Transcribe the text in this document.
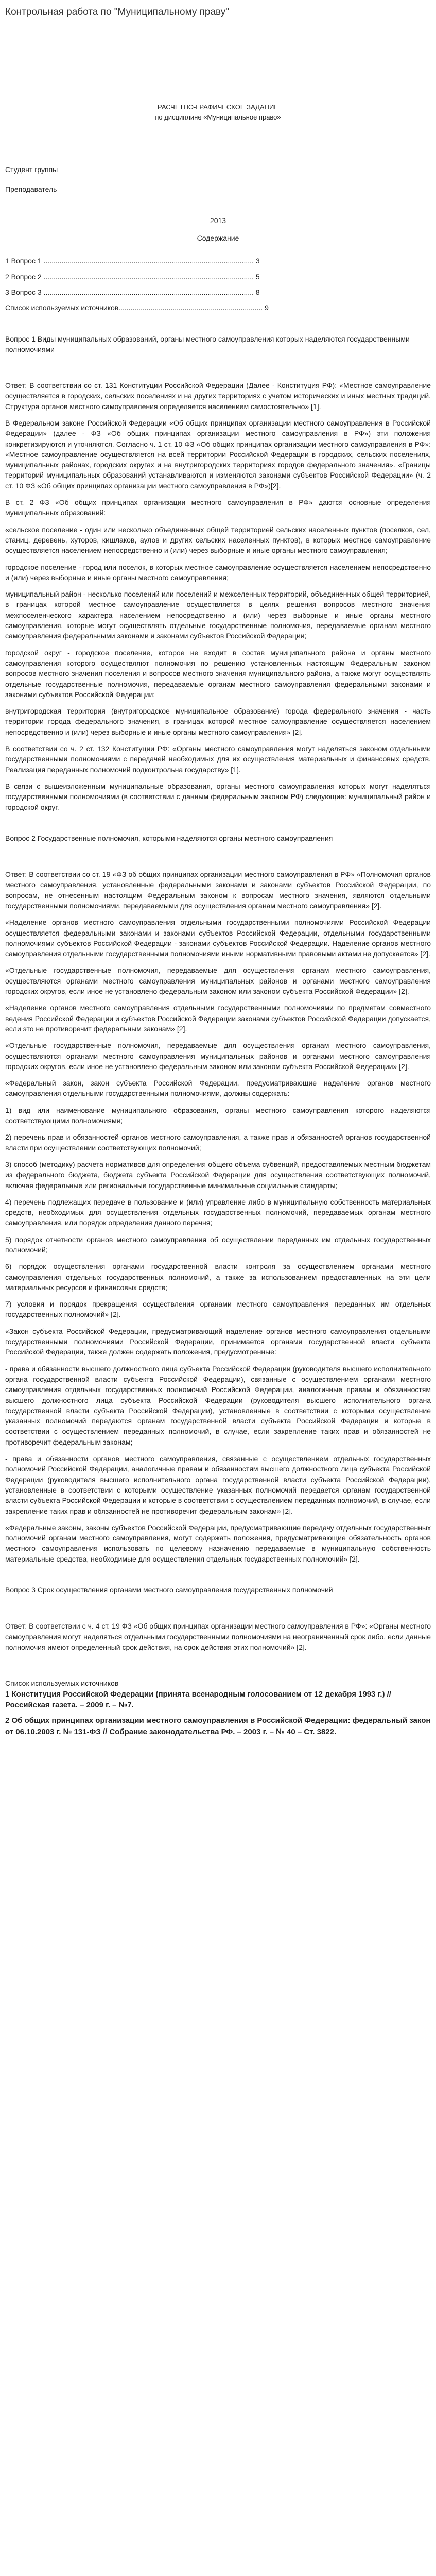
Контрольная работа по "Муниципальному праву"
РАСЧЕТНО-ГРАФИЧЕСКОЕ ЗАДАНИЕ
по дисциплине «Муниципальное право»
Студент группы
Преподаватель
2013
Содержание
1 Вопрос 1 ......................................................................................................... 3
2 Вопрос 2 ......................................................................................................... 5
3 Вопрос 3 ......................................................................................................... 8
Список используемых источников........................................................................ 9
Вопрос 1 Виды муниципальных образований, органы местного самоуправления которых наделяются государственными полномочиями

Ответ: В соответствии со ст. 131 Конституции Российской Федерации (Далее - Конституция РФ): «Местное самоуправление осуществляется в городских, сельских поселениях и на других территориях с учетом исторических и иных местных традиций. Структура органов местного самоуправления определяется населением самостоятельно» [1].

В Федеральном законе Российской Федерации «Об общих принципах организации местного самоуправления в Российской Федерации» (далее - ФЗ «Об общих принципах организации местного самоуправления в РФ») эти положения конкретизируются и уточняются. Согласно ч. 1 ст. 10 ФЗ «Об общих принципах организации местного самоуправления в РФ»: «Местное самоуправление осуществляется на всей территории Российской Федерации в городских, сельских поселениях, муниципальных районах, городских округах и на внутригородских территориях городов федерального значения». «Границы территорий муниципальных образований устанавливаются и изменяются законами субъектов Российской Федерации» (ч. 2 ст. 10 ФЗ «Об общих принципах организации местного самоуправления в РФ»)[2].

В ст. 2 ФЗ «Об общих принципах организации местного самоуправления в РФ» даются основные определения муниципальных образований:

«сельское поселение - один или несколько объединенных общей территорией сельских населенных пунктов (поселков, сел, станиц, деревень, хуторов, кишлаков, аулов и других сельских населенных пунктов), в которых местное самоуправление осуществляется населением непосредственно и (или) через выборные и иные органы местного самоуправления;

городское поселение - город или поселок, в которых местное самоуправление осуществляется населением непосредственно и (или) через выборные и иные органы местного самоуправления;

муниципальный район - несколько поселений или поселений и межселенных территорий, объединенных общей территорией, в границах которой местное самоуправление осуществляется в целях решения вопросов местного значения межпоселенческого характера населением непосредственно и (или) через выборные и иные органы местного самоуправления, которые могут осуществлять отдельные государственные полномочия, передаваемые органам местного самоуправления федеральными законами и законами субъектов Российской Федерации;

городской округ - городское поселение, которое не входит в состав муниципального района и органы местного самоуправления которого осуществляют полномочия по решению установленных настоящим Федеральным законом вопросов местного значения поселения и вопросов местного значения муниципального района, а также могут осуществлять отдельные государственные полномочия, передаваемые органам местного самоуправления федеральными законами и законами субъектов Российской Федерации;

внутригородская территория (внутригородское муниципальное образование) города федерального значения - часть территории города федерального значения, в границах которой местное самоуправление осуществляется населением непосредственно и (или) через выборные и иные органы местного самоуправления» [2].

В соответствии со ч. 2 ст. 132 Конституции РФ: «Органы местного самоуправления могут наделяться законом отдельными государственными полномочиями с передачей необходимых для их осуществления материальных и финансовых средств. Реализация переданных полномочий подконтрольна государству» [1].

В связи с вышеизложенным муниципальные образования, органы местного самоуправления которых могут наделяться государственными полномочиями (в соответствии с данным федеральным законом РФ) следующие: муниципальный район и городской округ.

Вопрос 2 Государственные полномочия, которыми наделяются органы местного самоуправления

Ответ: В соответствии со ст. 19 «ФЗ об общих принципах организации местного самоуправления в РФ» «Полномочия органов местного самоуправления, установленные федеральными законами и законами субъектов Российской Федерации, по вопросам, не отнесенным настоящим Федеральным законом к вопросам местного значения, являются отдельными государственными полномочиями, передаваемыми для осуществления органам местного самоуправления» [2].

«Наделение органов местного самоуправления отдельными государственными полномочиями Российской Федерации осуществляется федеральными законами и законами субъектов Российской Федерации, отдельными государственными полномочиями субъектов Российской Федерации - законами субъектов Российской Федерации. Наделение органов местного самоуправления отдельными государственными полномочиями иными нормативными правовыми актами не допускается» [2].

«Отдельные государственные полномочия, передаваемые для осуществления органам местного самоуправления, осуществляются органами местного самоуправления муниципальных районов и органами местного самоуправления городских округов, если иное не установлено федеральным законом или законом субъекта Российской Федерации» [2].

«Наделение органов местного самоуправления отдельными государственными полномочиями по предметам совместного ведения Российской Федерации и субъектов Российской Федерации законами субъектов Российской Федерации допускается, если это не противоречит федеральным законам» [2].

«Отдельные государственные полномочия, передаваемые для осуществления органам местного самоуправления, осуществляются органами местного самоуправления муниципальных районов и органами местного самоуправления городских округов, если иное не установлено федеральным законом или законом субъекта Российской Федерации» [2].

«Федеральный закон, закон субъекта Российской Федерации, предусматривающие наделение органов местного самоуправления отдельными государственными полномочиями, должны содержать:

1) вид или наименование муниципального образования, органы местного самоуправления которого наделяются соответствующими полномочиями;

2) перечень прав и обязанностей органов местного самоуправления, а также прав и обязанностей органов государственной власти при осуществлении соответствующих полномочий;

3) способ (методику) расчета нормативов для определения общего объема субвенций, предоставляемых местным бюджетам из федерального бюджета, бюджета субъекта Российской Федерации для осуществления соответствующих полномочий, включая федеральные или региональные государственные минимальные социальные стандарты;

4) перечень подлежащих передаче в пользование и (или) управление либо в муниципальную собственность материальных средств, необходимых для осуществления отдельных государственных полномочий, передаваемых органам местного самоуправления, или порядок определения данного перечня;

5) порядок отчетности органов местного самоуправления об осуществлении переданных им отдельных государственных полномочий;

6) порядок осуществления органами государственной власти контроля за осуществлением органами местного самоуправления отдельных государственных полномочий, а также за использованием предоставленных на эти цели материальных ресурсов и финансовых средств;

7) условия и порядок прекращения осуществления органами местного самоуправления переданных им отдельных государственных полномочий» [2].

«Закон субъекта Российской Федерации, предусматривающий наделение органов местного самоуправления отдельными государственными полномочиями Российской Федерации, принимается органами государственной власти субъекта Российской Федерации, также должен содержать положения, предусмотренные:

- права и обязанности высшего должностного лица субъекта Российской Федерации (руководителя высшего исполнительного органа государственной власти субъекта Российской Федерации), связанные с осуществлением органами местного самоуправления отдельных государственных полномочий Российской Федерации, аналогичные правам и обязанностям высшего должностного лица субъекта Российской Федерации (руководителя высшего исполнительного органа государственной власти субъекта Российской Федерации), установленные в соответствии с которыми осуществление указанных полномочий передаются органам государственной власти субъекта Российской Федерации и которые в соответствии с осуществлением переданных полномочий, в случае, если закрепление таких прав и обязанностей не противоречит федеральным законам;

- права и обязанности органов местного самоуправления, связанные с осуществлением отдельных государственных полномочий Российской Федерации, аналогичные правам и обязанностям высшего должностного лица субъекта Российской Федерации (руководителя высшего исполнительного органа государственной власти субъекта Российской Федерации), установленные в соответствии с которыми осуществление указанных полномочий передается органам государственной власти субъекта Российской Федерации и которые в соответствии с осуществлением переданных полномочий, в случае, если закрепление таких прав и обязанностей не противоречит федеральным законам» [2].

«Федеральные законы, законы субъектов Российской Федерации, предусматривающие передачу отдельных государственных полномочий органам местного самоуправления, могут содержать положения, предусматривающие обязательность органов местного самоуправления использовать по целевому назначению передаваемые в муниципальную собственность материальные средства, необходимые для осуществления отдельных государственных полномочий» [2].

Вопрос 3 Срок осуществления органами местного самоуправления государственных полномочий

Ответ: В соответствии с ч. 4 ст. 19 ФЗ «Об общих принципах организации местного самоуправления в РФ»: «Органы местного самоуправления могут наделяться отдельными государственными полномочиями на неограниченный срок либо, если данные полномочия имеют определенный срок действия, на срок действия этих полномочий» [2].

Список используемых источников
1 Конституция Российской Федерации (принята всенародным голосованием от 12 декабря 1993 г.) // Российская газета. – 2009 г. – №7.
2 Об общих принципах организации местного самоуправления в Российской Федерации: федеральный закон от 06.10.2003 г. № 131-ФЗ // Собрание законодательства РФ. – 2003 г. – № 40 – Ст. 3822.
